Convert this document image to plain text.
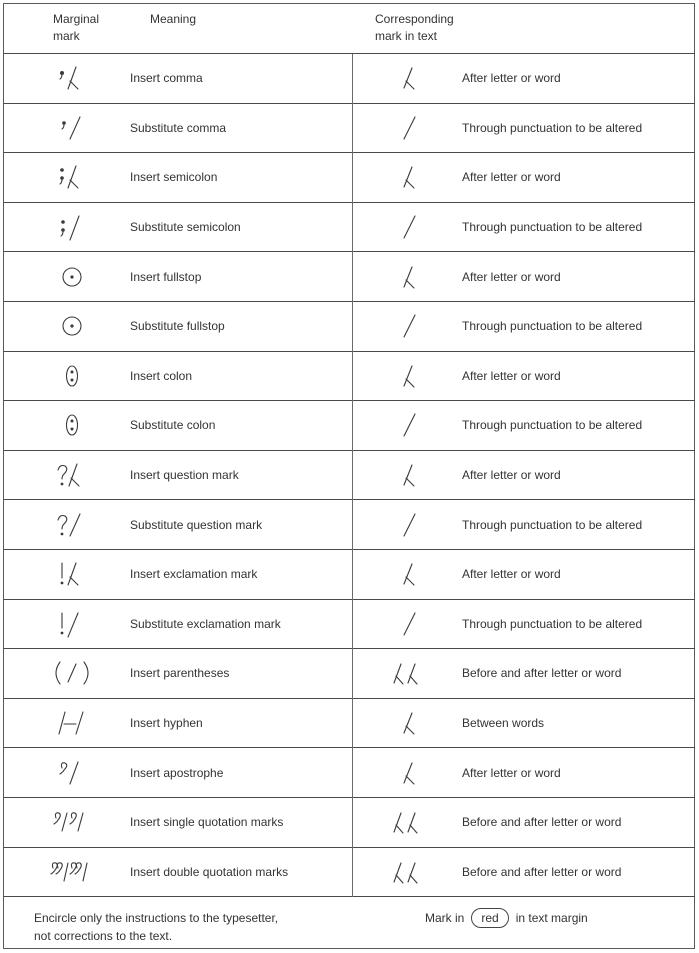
Marginal
mark
Meaning	Corresponding
mark in text
Insert comma	After letter or word
Substitute comma	Through punctuation to be altered
Insert semicolon	After letter or word
Substitute semicolon	Through punctuation to be altered
Insert fullstop	After letter or word
Substitute fullstop	Through punctuation to be altered
Insert colon	After letter or word
Substitute colon	Through punctuation to be altered
Insert question mark	After letter or word
Substitute question mark	Through punctuation to be altered
Insert exclamation mark	After letter or word
Substitute exclamation mark	Through punctuation to be altered
Insert parentheses	Before and after letter or word
Insert hyphen	Between words
Insert apostrophe	After letter or word
Insert single quotation marks	Before and after letter or word
Insert double quotation marks	Before and after letter or word
Encircle only the instructions to the typesetter,
not corrections to the text.
Mark in	red	in text margin
